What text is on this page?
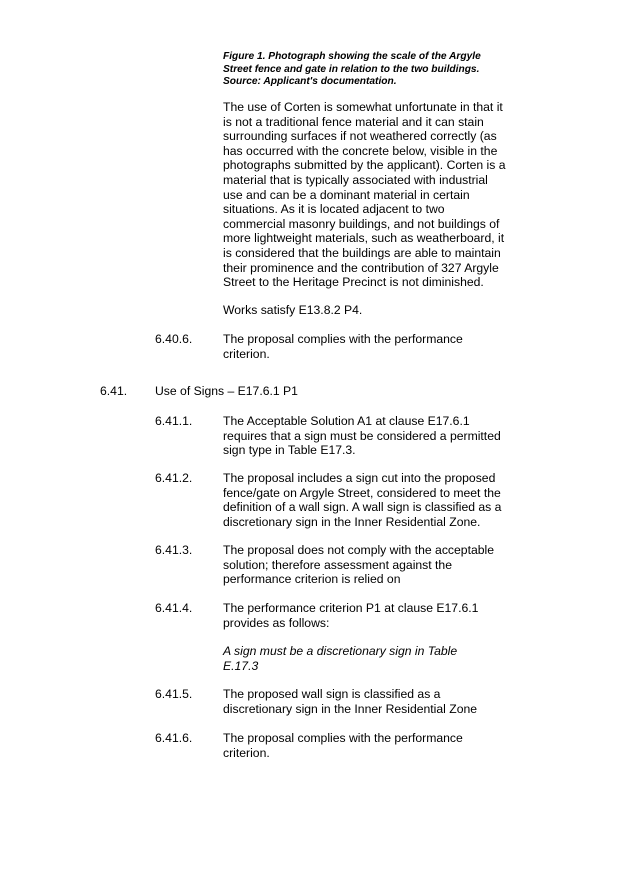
Figure 1. Photograph showing the scale of the Argyle
Street fence and gate in relation to the two buildings.
Source: Applicant's documentation.
The use of Corten is somewhat unfortunate in that it
is not a traditional fence material and it can stain
surrounding surfaces if not weathered correctly (as
has occurred with the concrete below, visible in the
photographs submitted by the applicant). Corten is a
material that is typically associated with industrial
use and can be a dominant material in certain
situations. As it is located adjacent to two
commercial masonry buildings, and not buildings of
more lightweight materials, such as weatherboard, it
is considered that the buildings are able to maintain
their prominence and the contribution of 327 Argyle
Street to the Heritage Precinct is not diminished.
Works satisfy E13.8.2 P4.
6.40.6.	The proposal complies with the performance
criterion.
6.41. Use of Signs – E17.6.1 P1
6.41.1.	The Acceptable Solution A1 at clause E17.6.1
requires that a sign must be considered a permitted
sign type in Table E17.3.
6.41.2.	The proposal includes a sign cut into the proposed
fence/gate on Argyle Street, considered to meet the
definition of a wall sign. A wall sign is classified as a
discretionary sign in the Inner Residential Zone.
6.41.3.	The proposal does not comply with the acceptable
solution; therefore assessment against the
performance criterion is relied on
6.41.4.	The performance criterion P1 at clause E17.6.1
provides as follows:
A sign must be a discretionary sign in Table
E.17.3
6.41.5.	The proposed wall sign is classified as a
discretionary sign in the Inner Residential Zone
6.41.6.	The proposal complies with the performance
criterion.
